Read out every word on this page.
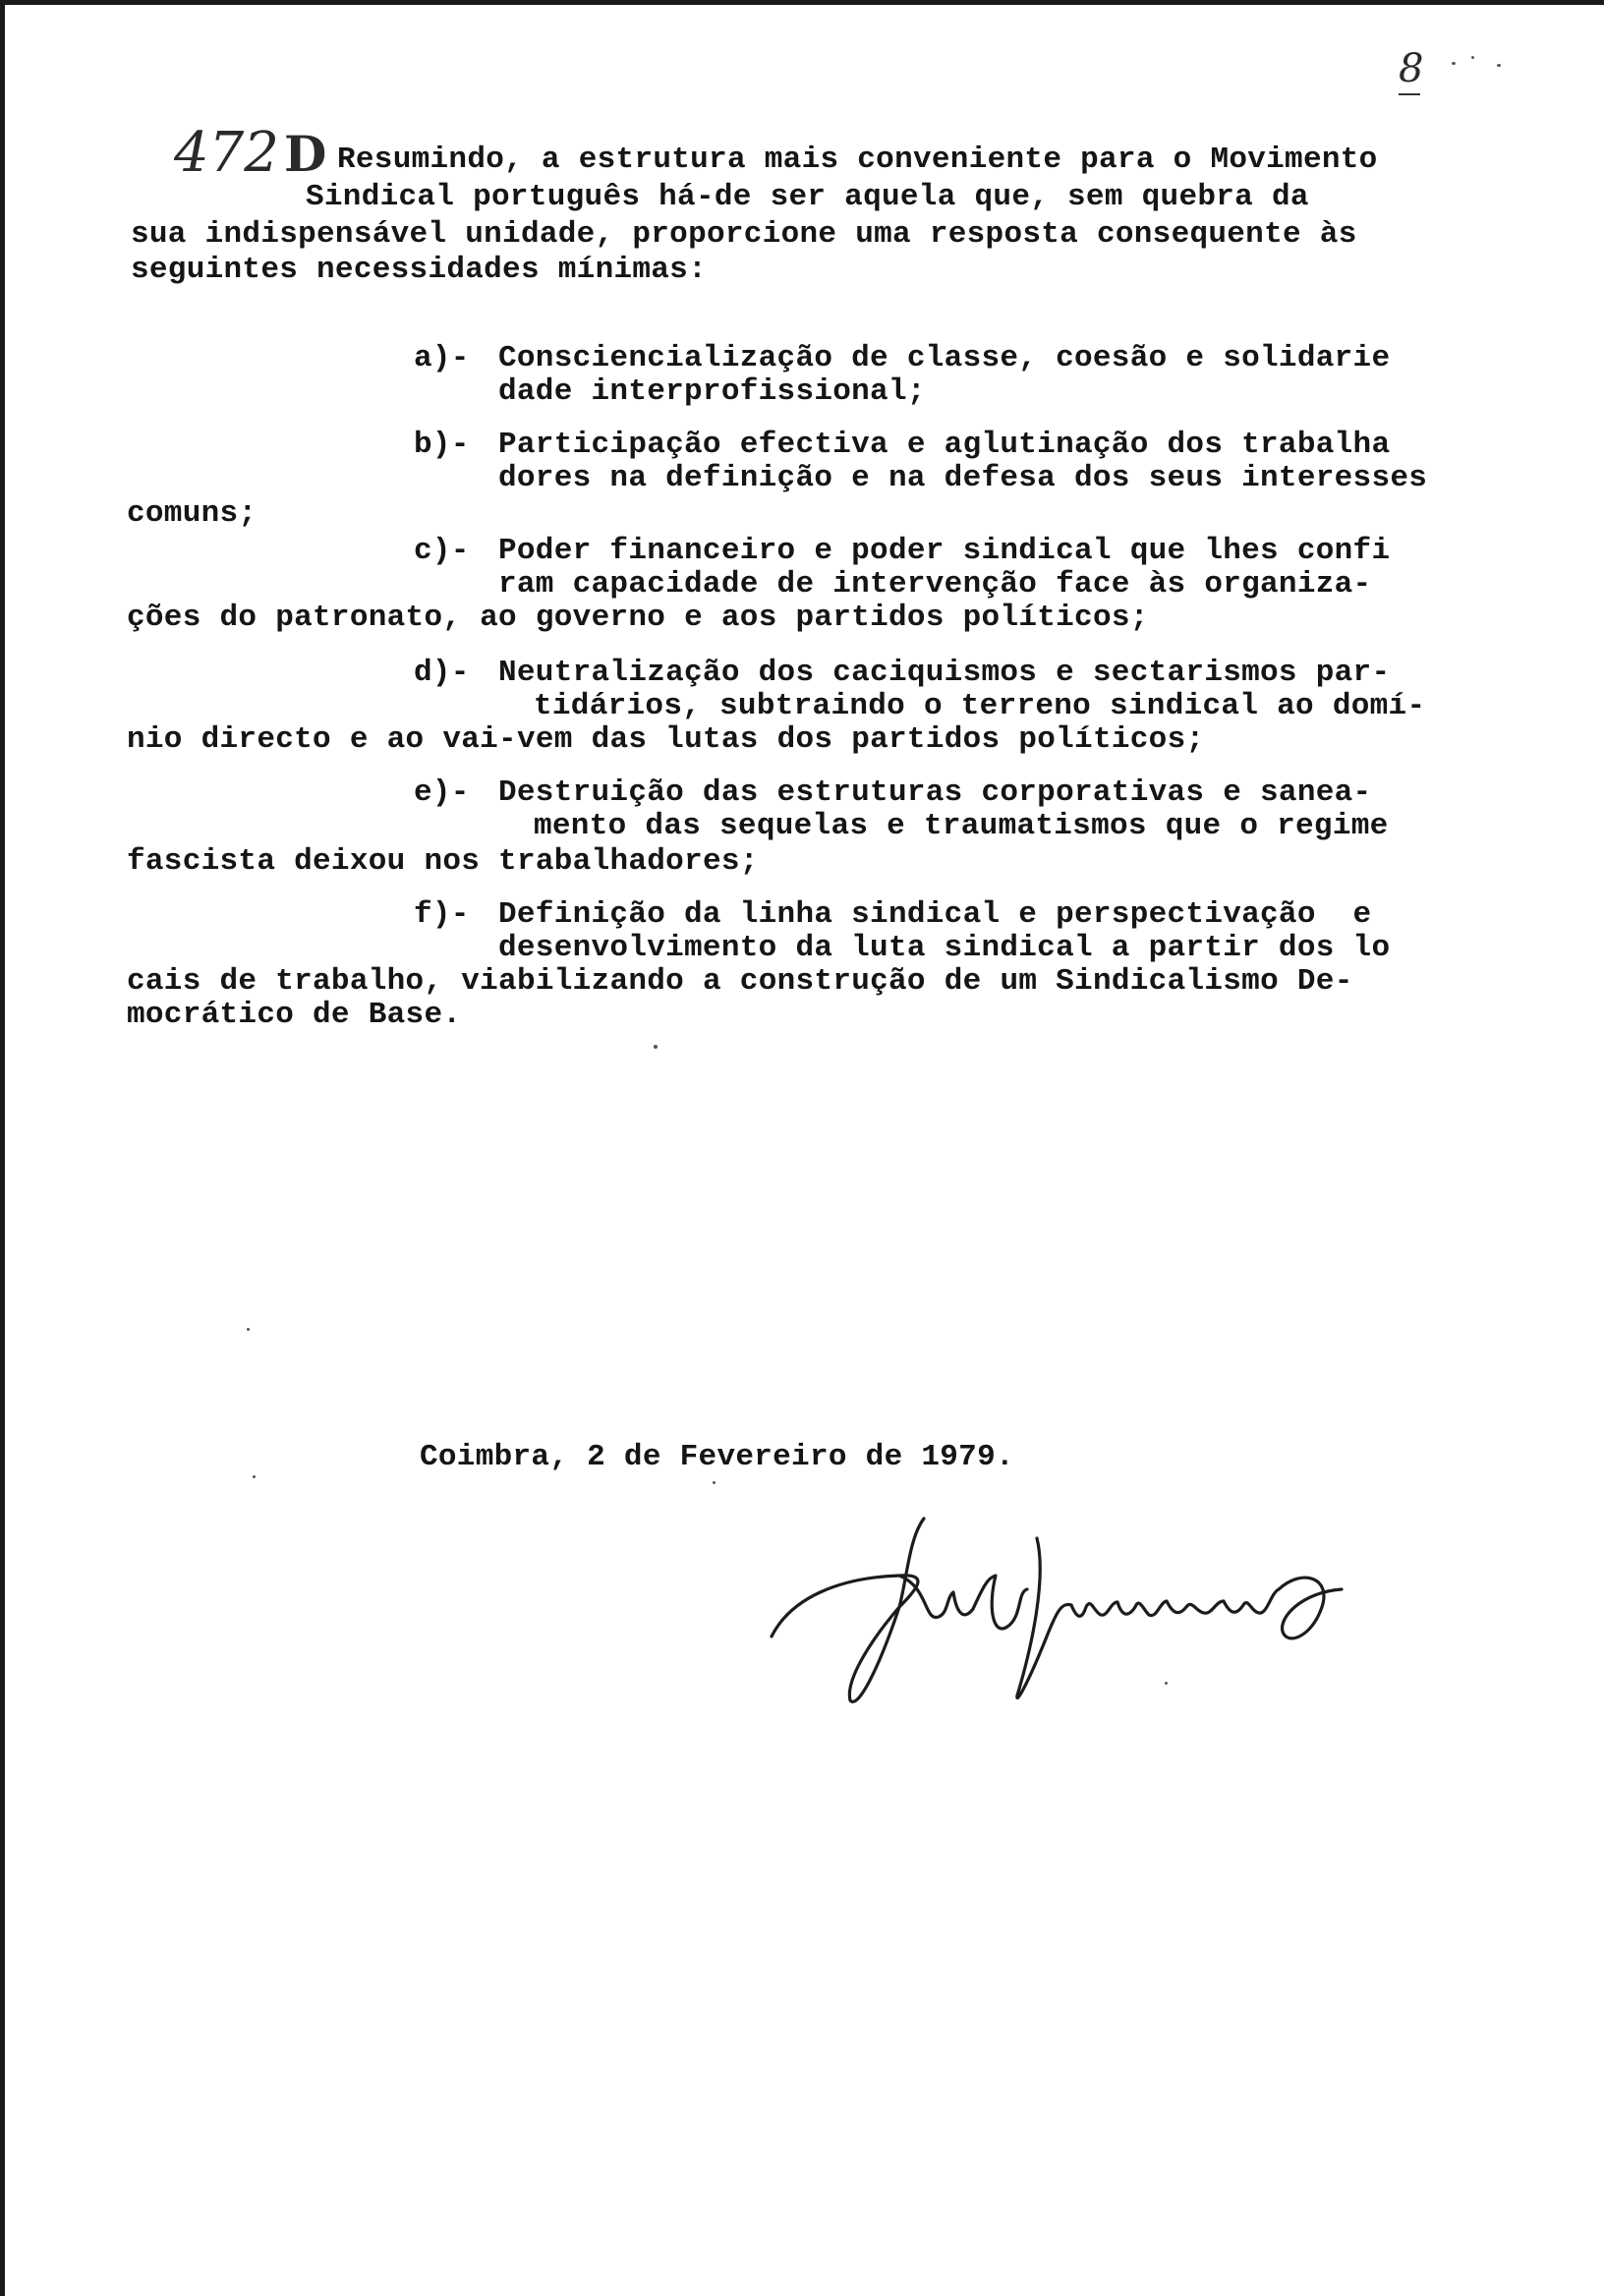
8
472 D Resumindo, a estrutura mais conveniente para o Movimento
Sindical português há-de ser aquela que, sem quebra da
sua indispensável unidade, proporcione uma resposta consequente às
seguintes necessidades mínimas:
a)- Consciencialização de classe, coesão e solidarie
dade interprofissional;
b)- Participação efectiva e aglutinação dos trabalha
dores na definição e na defesa dos seus interesses
comuns;
c)- Poder financeiro e poder sindical que lhes confi
ram capacidade de intervenção face às organiza-
ções do patronato, ao governo e aos partidos políticos;
d)- Neutralização dos caciquismos e sectarismos par-
tidários, subtraindo o terreno sindical ao domí-
nio directo e ao vai-vem das lutas dos partidos políticos;
e)- Destruição das estruturas corporativas e sanea-
mento das sequelas e traumatismos que o regime
fascista deixou nos trabalhadores;
f)- Definição da linha sindical e perspectivação  e
desenvolvimento da luta sindical a partir dos lo
cais de trabalho, viabilizando a construção de um Sindicalismo De-
mocrático de Base.
Coimbra, 2 de Fevereiro de 1979.
